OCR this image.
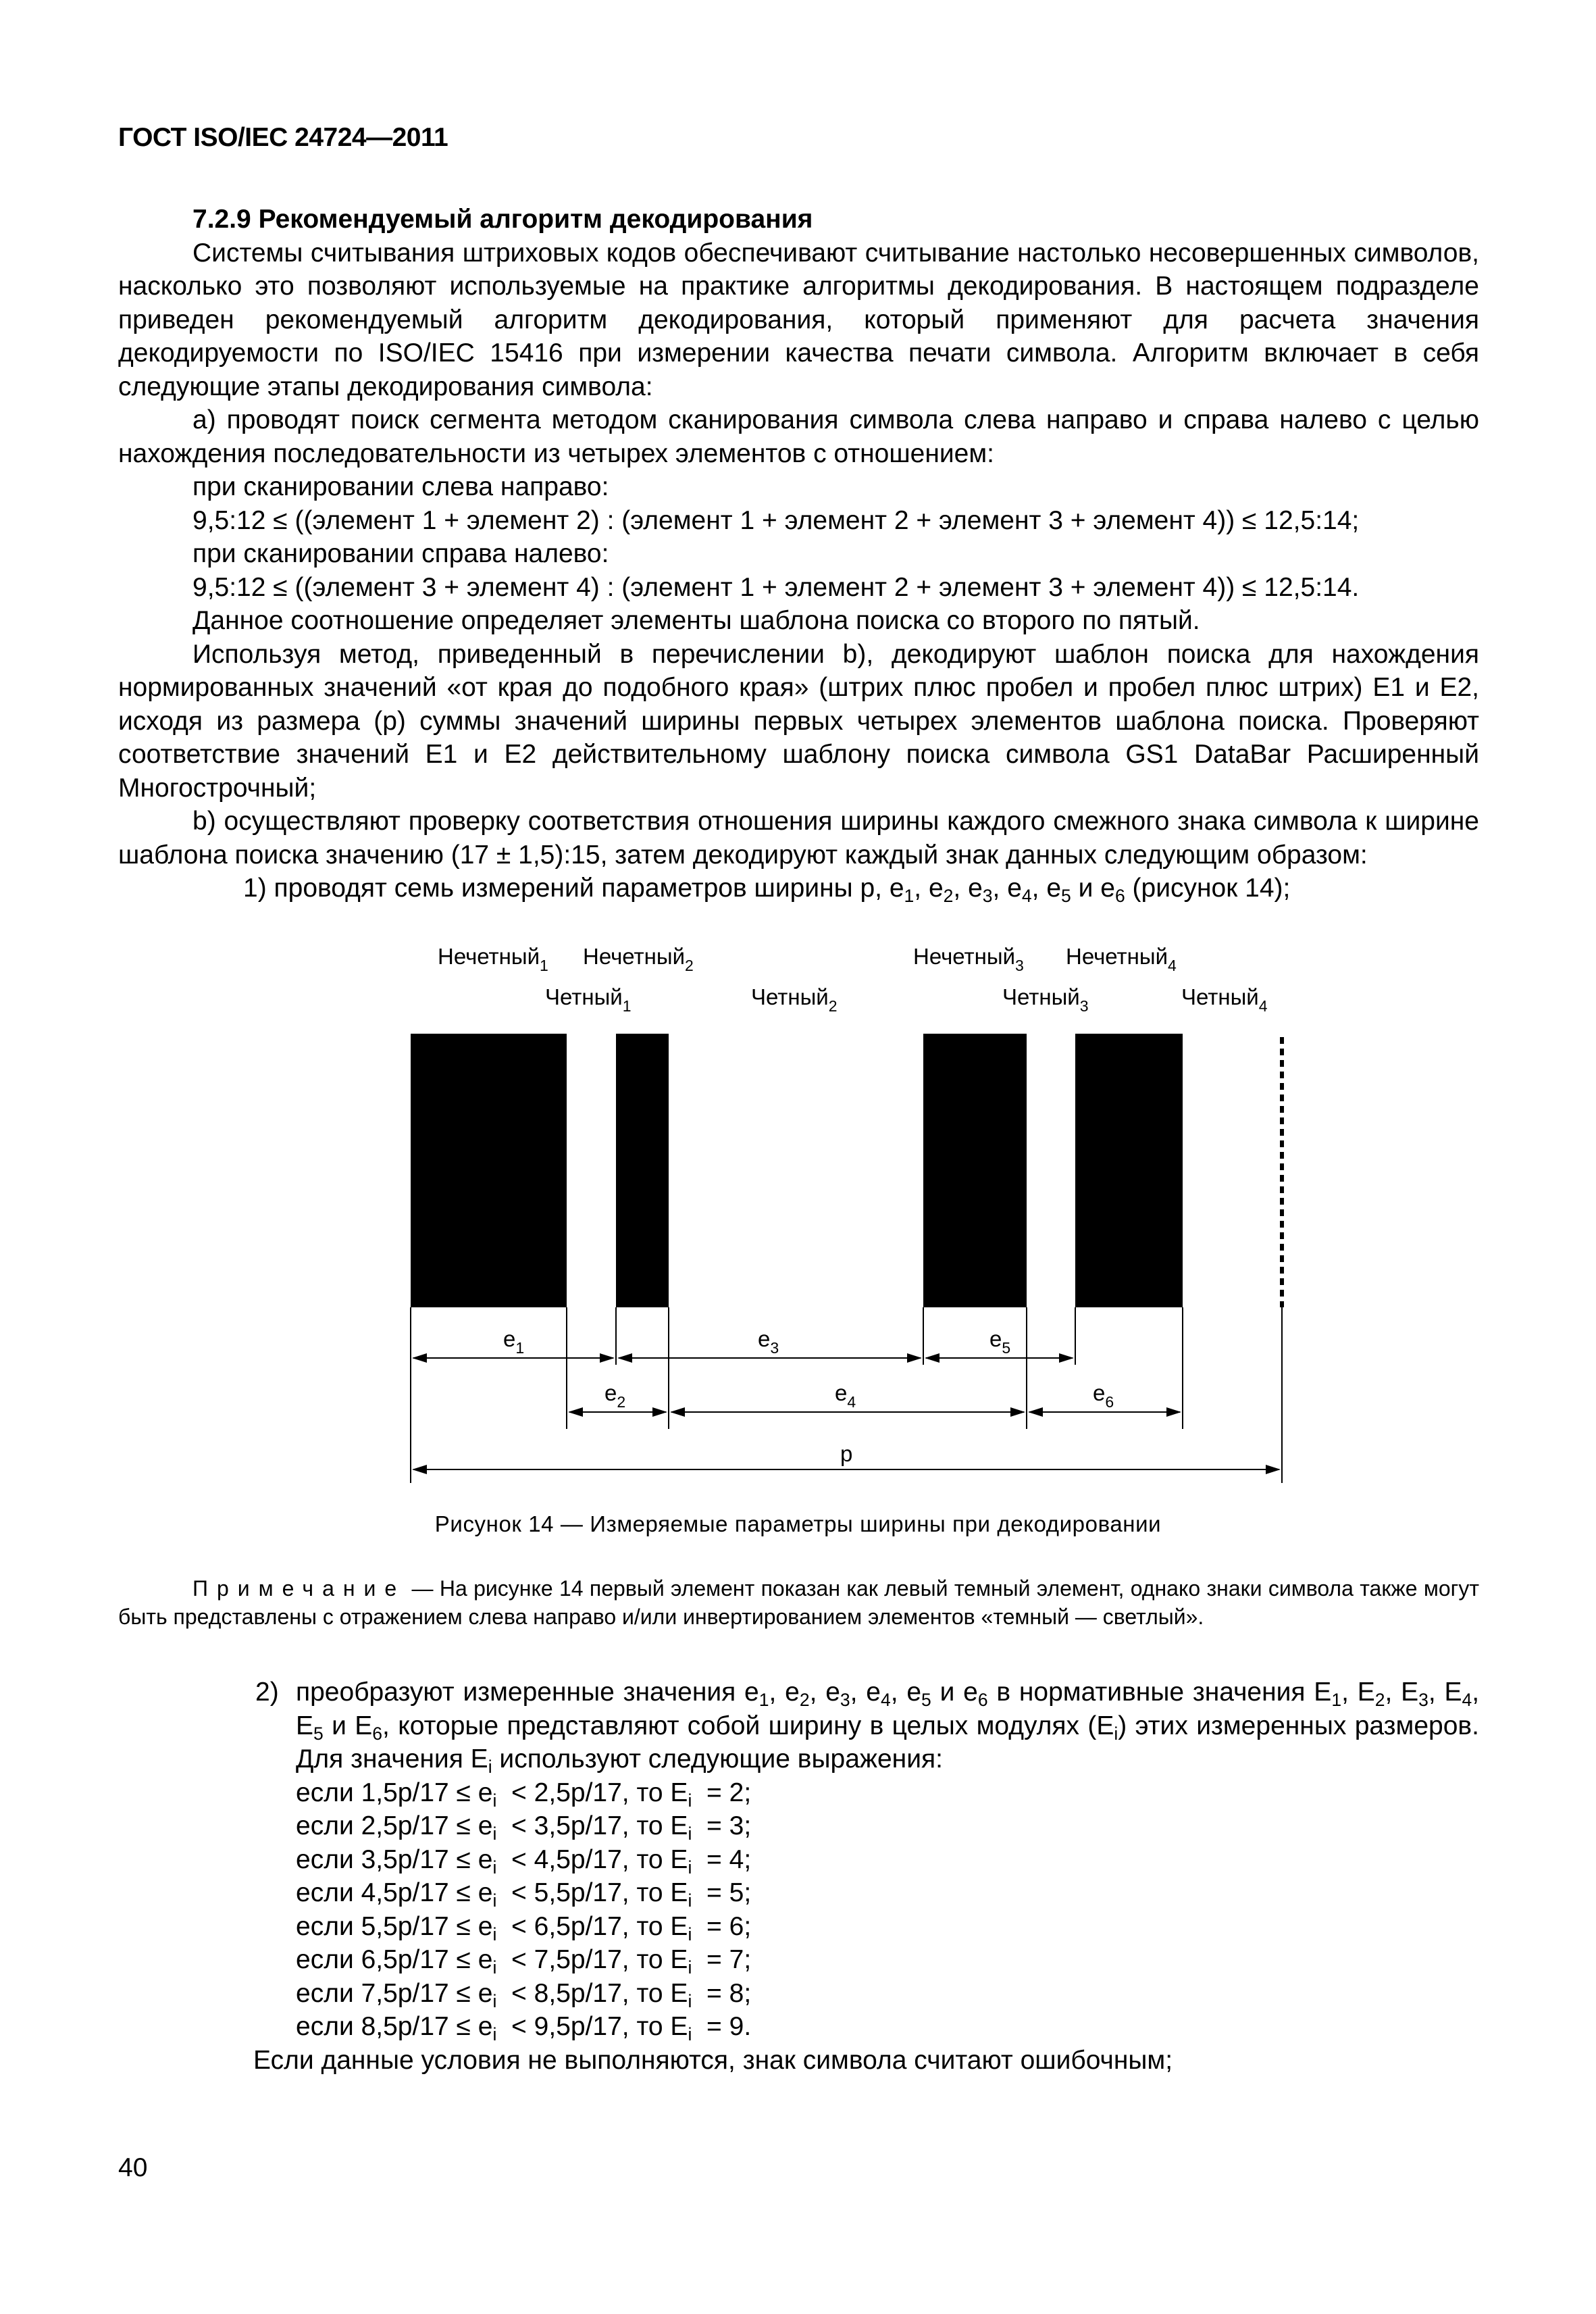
ГОСТ ISO/IEC 24724—2011

7.2.9 Рекомендуемый алгоритм декодирования

Системы считывания штриховых кодов обеспечивают считывание настолько несовершенных символов, насколько это позволяют используемые на практике алгоритмы декодирования. В настоящем подразделе приведен рекомендуемый алгоритм декодирования, который применяют для расчета значения декодируемости по ISO/IEC 15416 при измерении качества печати символа. Алгоритм включает в себя следующие этапы декодирования символа:

a) проводят поиск сегмента методом сканирования символа слева направо и справа налево с целью нахождения последовательности из четырех элементов с отношением:

при сканировании слева направо:

9,5:12 ≤ ((элемент 1 + элемент 2) : (элемент 1 + элемент 2 + элемент 3 + элемент 4)) ≤ 12,5:14;

при сканировании справа налево:

9,5:12 ≤ ((элемент 3 + элемент 4) : (элемент 1 + элемент 2 + элемент 3 + элемент 4)) ≤ 12,5:14.

Данное соотношение определяет элементы шаблона поиска со второго по пятый.

Используя метод, приведенный в перечислении b), декодируют шаблон поиска для нахождения нормированных значений «от края до подобного края» (штрих плюс пробел и пробел плюс штрих) E1 и E2, исходя из размера (p) суммы значений ширины первых четырех элементов шаблона поиска. Проверяют соответствие значений E1 и E2 действительному шаблону поиска символа GS1 DataBar Расширенный Многострочный;

b) осуществляют проверку соответствия отношения ширины каждого смежного знака символа к ширине шаблона поиска значению (17 ± 1,5):15, затем декодируют каждый знак данных следующим образом:

1) проводят семь измерений параметров ширины p, $e_1$, $e_2$, $e_3$, $e_4$, $e_5$ и $e_6$ (рисунок 14);

Нечетный$_1$ Нечетный$_2$	Нечетный$_3$ Нечетный$_4$
Четный$_1$	Четный$_2$	Четный$_3$	Четный$_4$
$e_1$	$e_3$	$e_5$
$e_2$	$e_4$	$e_6$
p
Рисунок 14 — Измеряемые параметры ширины при декодировании

Примечание — На рисунке 14 первый элемент показан как левый темный элемент, однако знаки символа также могут быть представлены с отражением слева направо и/или инвертированием элементов «темный — светлый».

2) преобразуют измеренные значения $e_1$, $e_2$, $e_3$, $e_4$, $e_5$ и $e_6$ в нормативные значения $E_1$, $E_2$, $E_3$, $E_4$, $E_5$ и $E_6$, которые представляют собой ширину в целых модулях $(E_i)$ этих измеренных размеров. Для значения $E_i$ используют следующие выражения:

если $1,5р/17 \le e_i < 2,5р/17$, то $E_i = 2$;
если $2,5р/17 \le e_i < 3,5р/17$, то $E_i = 3$;
если $3,5р/17 \le e_i < 4,5р/17$, то $E_i = 4$;
если $4,5р/17 \le e_i < 5,5р/17$, то $E_i = 5$;
если $5,5р/17 \le e_i < 6,5р/17$, то $E_i = 6$;
если $6,5р/17 \le e_i < 7,5р/17$, то $E_i = 7$;
если $7,5р/17 \le e_i < 8,5р/17$, то $E_i = 8$;
если $8,5р/17 \le e_i < 9,5р/17$, то $E_i = 9$.

Если данные условия не выполняются, знак символа считают ошибочным;

40
